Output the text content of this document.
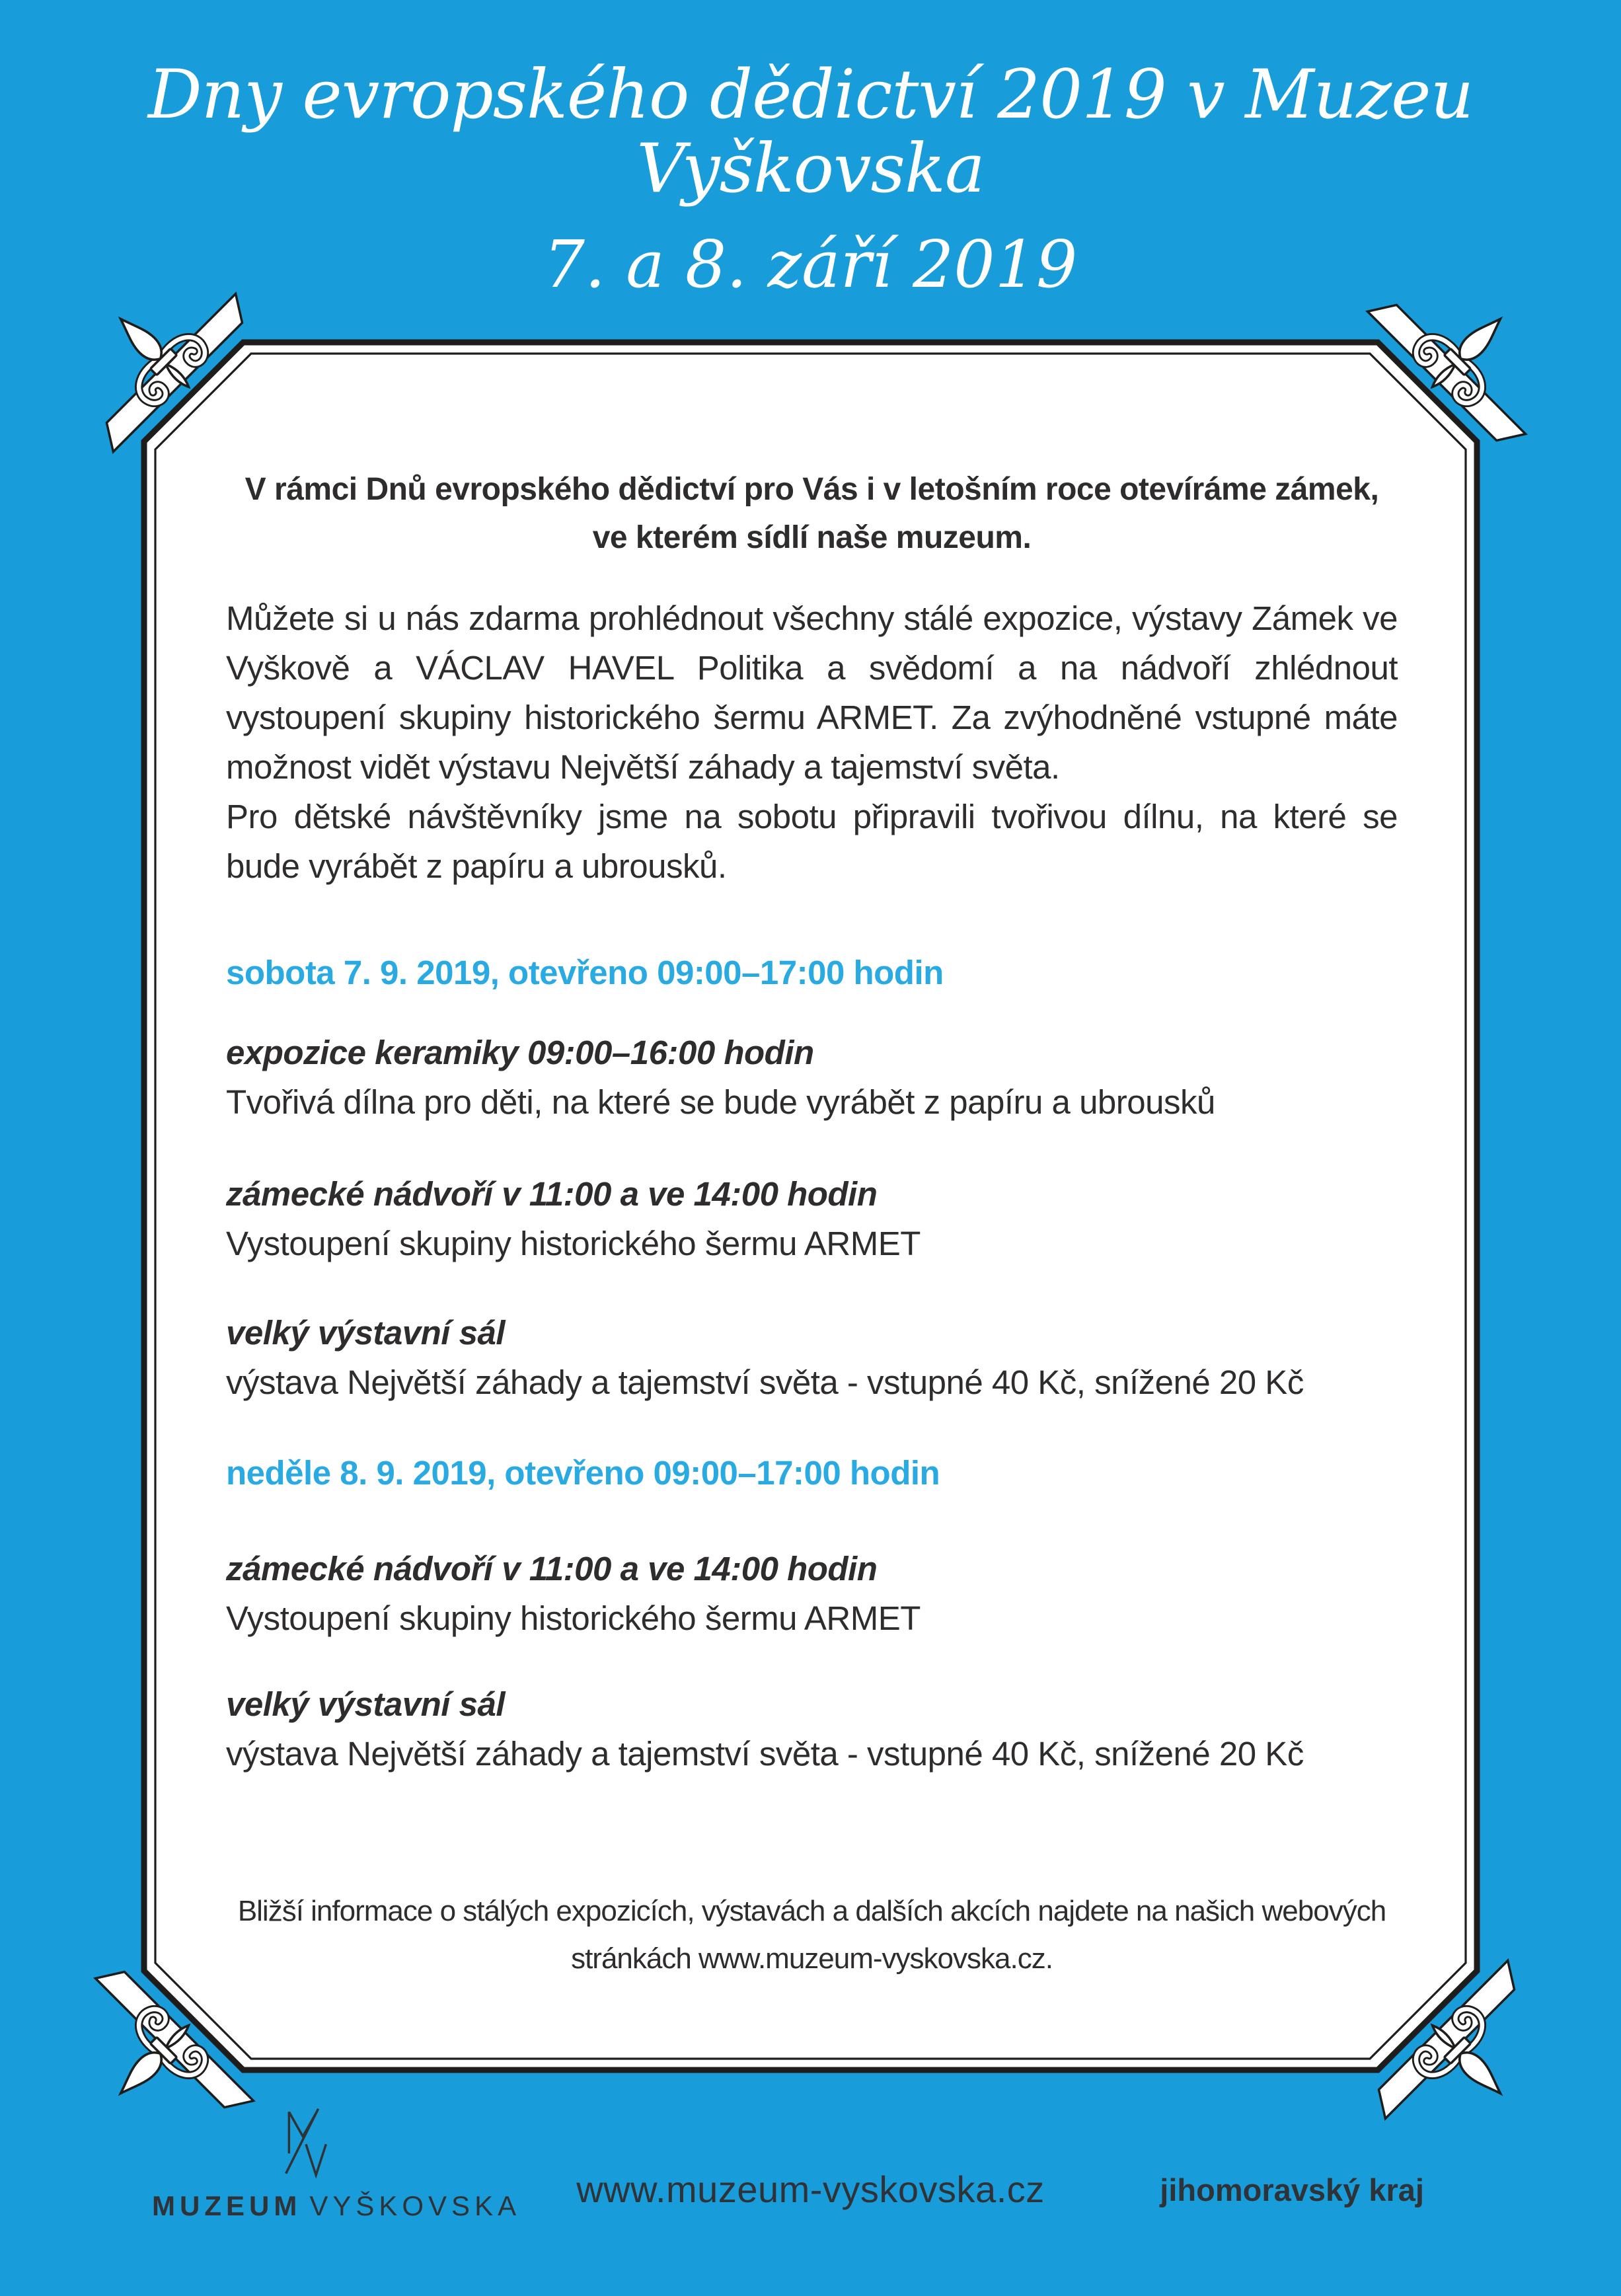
Dny evropského dědictví 2019 v Muzeu Vyškovska
7. a 8. září 2019

V rámci Dnů evropského dědictví pro Vás i v letošním roce otevíráme zámek, ve kterém sídlí naše muzeum.

Můžete si u nás zdarma prohlédnout všechny stálé expozice, výstavy Zámek ve Vyškově a VÁCLAV HAVEL Politika a svědomí a na nádvoří zhlédnout vystoupení skupiny historického šermu ARMET. Za zvýhodněné vstupné máte možnost vidět výstavu Největší záhady a tajemství světa.

Pro dětské návštěvníky jsme na sobotu připravili tvořivou dílnu, na které se bude vyrábět z papíru a ubrousků.

sobota 7. 9. 2019, otevřeno 09:00–17:00 hodin
expozice keramiky 09:00–16:00 hodin

Tvořivá dílna pro děti, na které se bude vyrábět z papíru a ubrousků

zámecké nádvoří v 11:00 a ve 14:00 hodin

Vystoupení skupiny historického šermu ARMET

velký výstavní sál

výstava Největší záhady a tajemství světa - vstupné 40 Kč, snížené 20 Kč

neděle 8. 9. 2019, otevřeno 09:00–17:00 hodin
zámecké nádvoří v 11:00 a ve 14:00 hodin

Vystoupení skupiny historického šermu ARMET

velký výstavní sál

výstava Největší záhady a tajemství světa - vstupné 40 Kč, snížené 20 Kč

Bližší informace o stálých expozicích, výstavách a dalších akcích najdete na našich webových stránkách www.muzeum-vyskovska.cz.

MUZEUM VYŠKOVSKA	www.muzeum-vyskovska.cz	jihomoravský kraj
